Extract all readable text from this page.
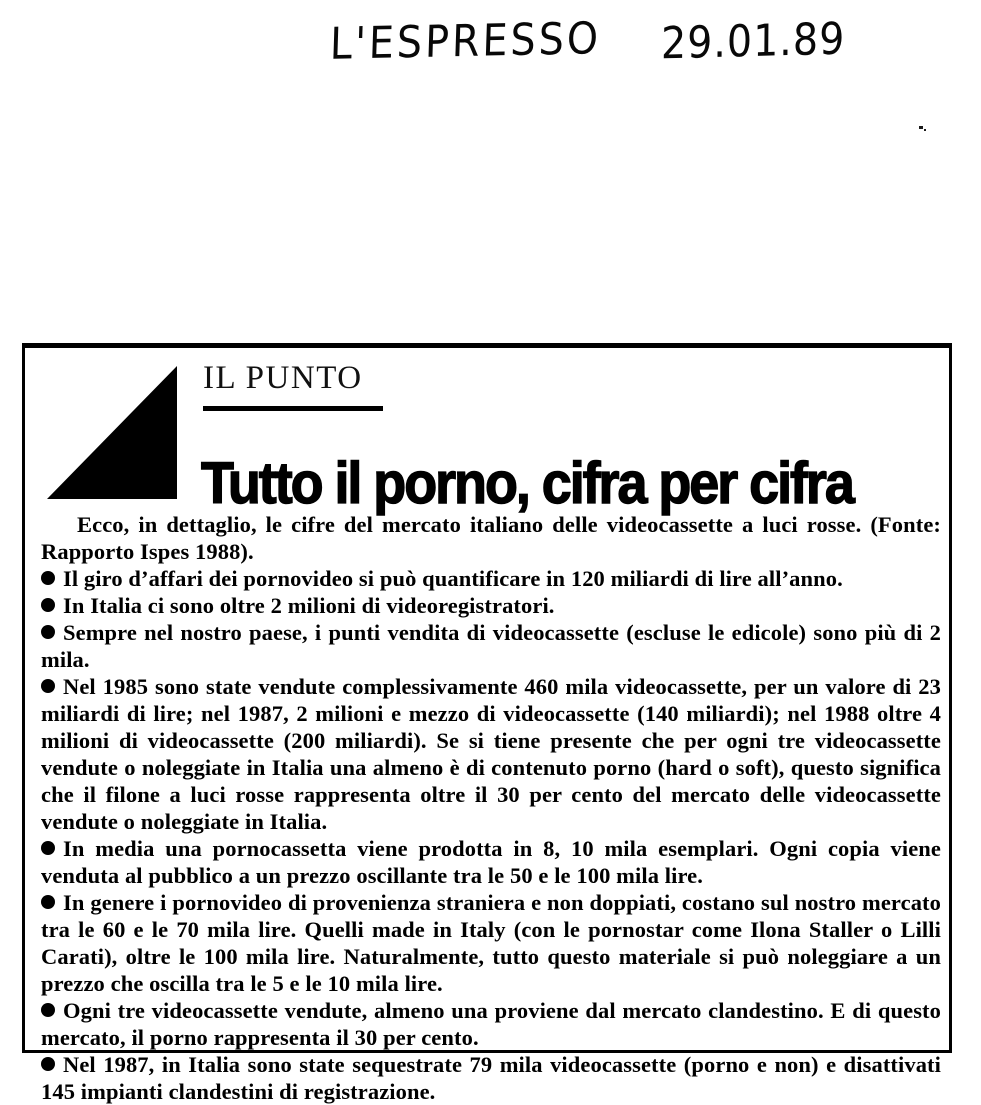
L'ESPRESSO 29.01.89
IL PUNTO
Tutto il porno, cifra per cifra

Ecco, in dettaglio, le cifre del mercato italiano delle videocassette a luci rosse. (Fonte: Rapporto Ispes 1988).

Il giro d’affari dei pornovideo si può quantificare in 120 miliardi di lire all’anno.

In Italia ci sono oltre 2 milioni di videoregistratori.

Sempre nel nostro paese, i punti vendita di videocassette (escluse le edicole) sono più di 2 mila.

Nel 1985 sono state vendute complessivamente 460 mila videocassette, per un valore di 23 miliardi di lire; nel 1987, 2 milioni e mezzo di videocassette (140 miliardi); nel 1988 oltre 4 milioni di videocassette (200 miliardi). Se si tiene presente che per ogni tre videocassette vendute o noleggiate in Italia una almeno è di contenuto porno (hard o soft), questo significa che il filone a luci rosse rappresenta oltre il 30 per cento del mercato delle videocassette vendute o noleggiate in Italia.

In media una pornocassetta viene prodotta in 8, 10 mila esemplari. Ogni copia viene venduta al pubblico a un prezzo oscillante tra le 50 e le 100 mila lire.

In genere i pornovideo di provenienza straniera e non doppiati, costano sul nostro mercato tra le 60 e le 70 mila lire. Quelli made in Italy (con le pornostar come Ilona Staller o Lilli Carati), oltre le 100 mila lire. Naturalmente, tutto questo materiale si può noleggiare a un prezzo che oscilla tra le 5 e le 10 mila lire.

Ogni tre videocassette vendute, almeno una proviene dal mercato clandestino. E di questo mercato, il porno rappresenta il 30 per cento.

Nel 1987, in Italia sono state sequestrate 79 mila videocassette (porno e non) e disattivati 145 impianti clandestini di registrazione.
